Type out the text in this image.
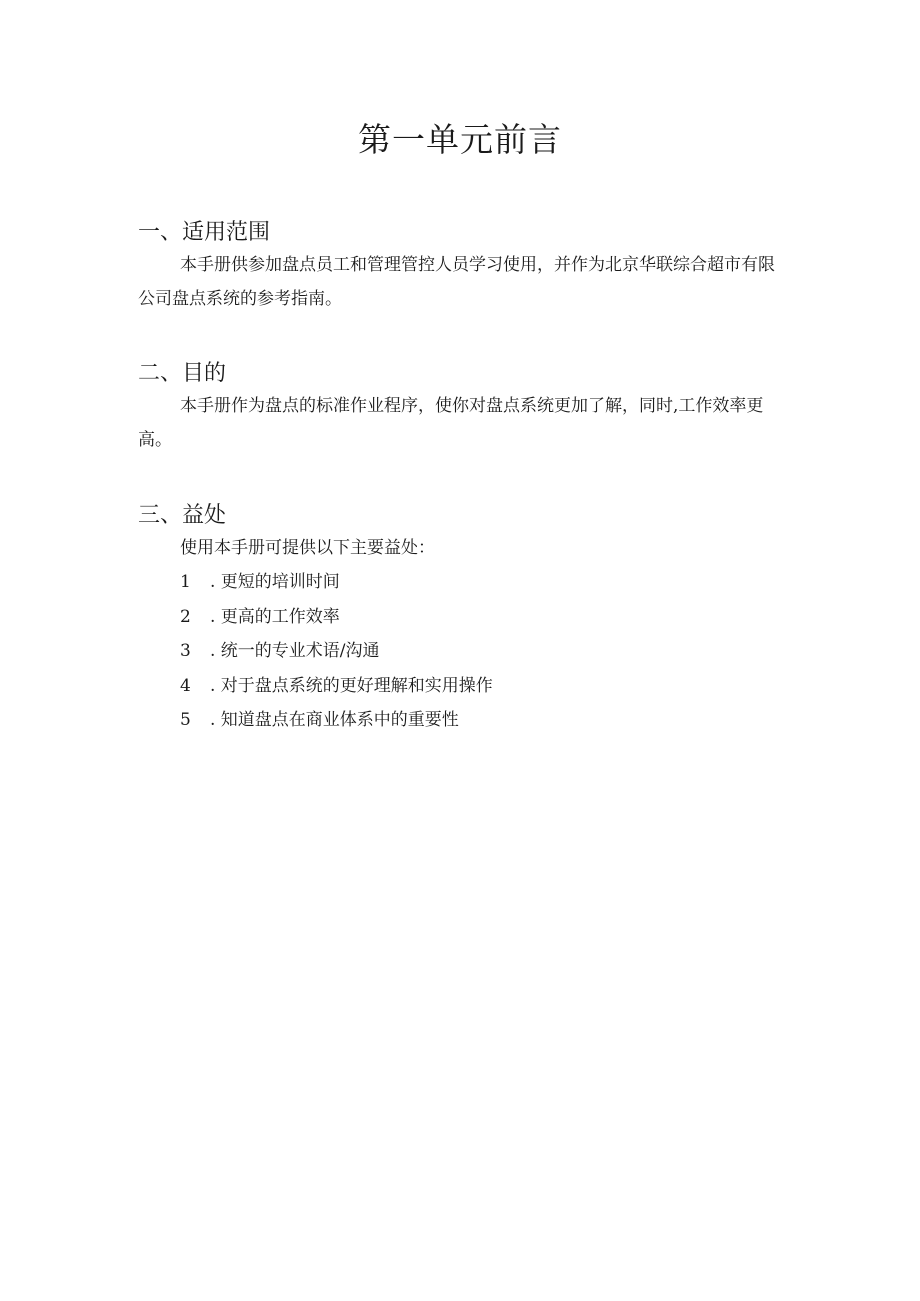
第一单元前言
一、适用范围

本手册供参加盘点员工和管理管控人员学习使用，并作为北京华联综合超市有限公司盘点系统的参考指南。

二、目的

本手册作为盘点的标准作业程序，使你对盘点系统更加了解，同时,工作效率更高。

三、益处

使用本手册可提供以下主要益处：

1	. 更短的培训时间
2	. 更高的工作效率
3	. 统一的专业术语/沟通
4	. 对于盘点系统的更好理解和实用操作
5	. 知道盘点在商业体系中的重要性
